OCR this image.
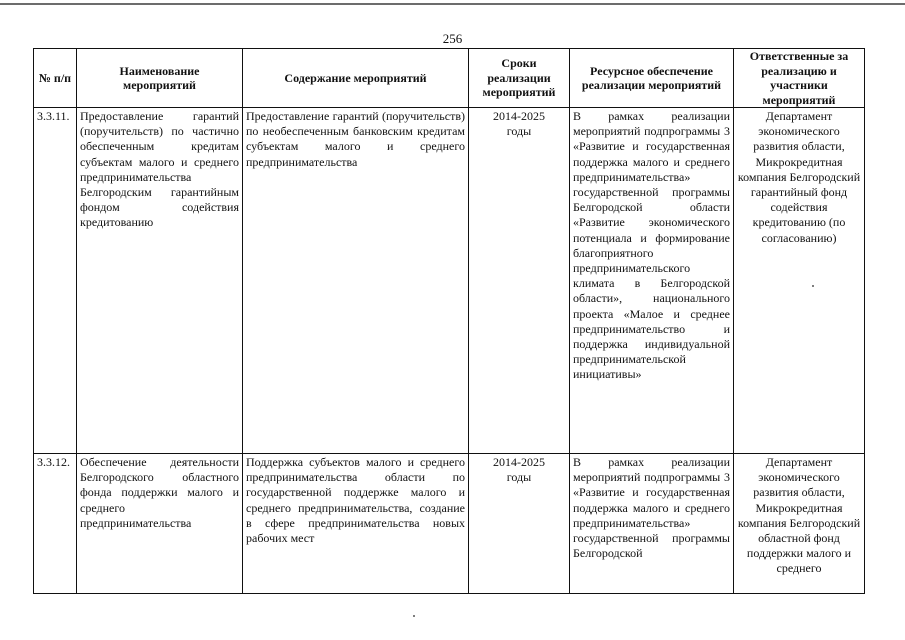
256
№ п/п	Наименование мероприятий	Содержание мероприятий	Сроки реализации мероприятий	Ресурсное обеспечение реализации мероприятий	Ответственные за реализацию и участники мероприятий
3.3.11.	Предоставление гарантий (поручительств) по частично обеспеченным кредитам субъектам малого и среднего предпринимательства Белгородским гарантийным фондом содействия кредитованию	Предоставление гарантий (поручительств) по необеспеченным банковским кредитам субъектам малого и среднего предпринимательства	2014-2025 годы	В рамках реализации мероприятий подпрограммы 3 «Развитие и государственная поддержка малого и среднего предпринимательства» государственной программы Белгородской области «Развитие экономического потенциала и формирование благоприятного предпринимательского климата в Белгородской области», национального проекта «Малое и среднее предпринимательство и поддержка индивидуальной предпринимательской инициативы»	Департамент экономического развития области, Микрокредитная компания Белгородский гарантийный фонд содействия кредитованию (по согласованию)
3.3.12.	Обеспечение деятельности Белгородского областного фонда поддержки малого и среднего предпринимательства	Поддержка субъектов малого и среднего предпринимательства области по государственной поддержке малого и среднего предпринимательства, создание в сфере предпринимательства новых рабочих мест	2014-2025 годы	В рамках реализации мероприятий подпрограммы 3 «Развитие и государственная поддержка малого и среднего предпринимательства» государственной программы Белгородской	Департамент экономического развития области, Микрокредитная компания Белгородский областной фонд поддержки малого и среднего
